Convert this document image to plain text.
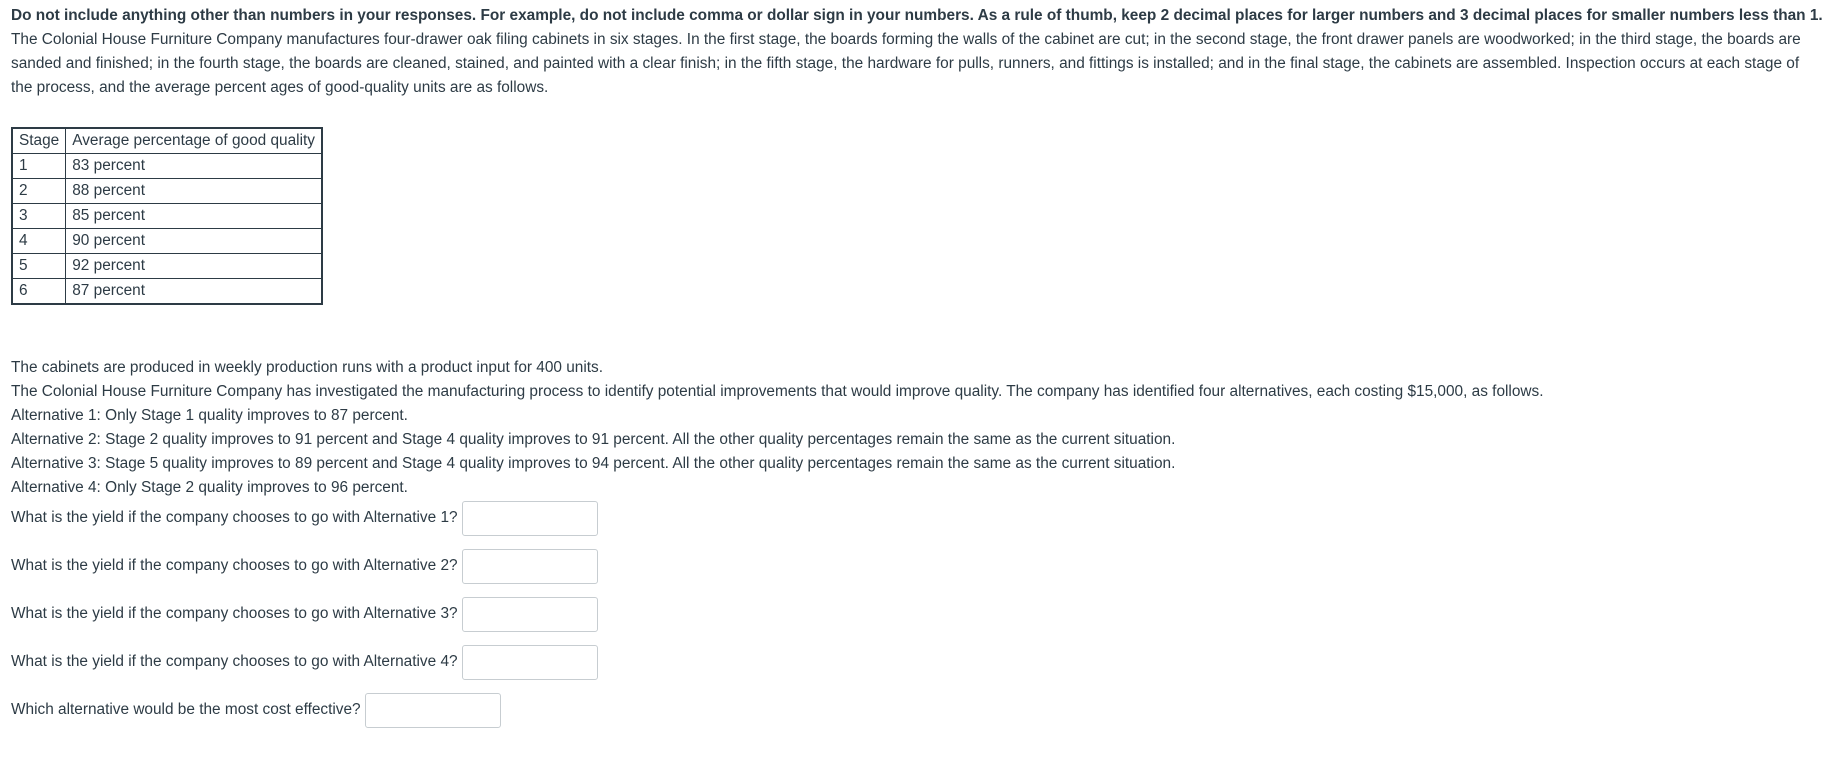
Do not include anything other than numbers in your responses. For example, do not include comma or dollar sign in your numbers. As a rule of thumb, keep 2 decimal places for larger numbers and 3 decimal places for smaller numbers less than 1.

The Colonial House Furniture Company manufactures four-drawer oak filing cabinets in six stages. In the first stage, the boards forming the walls of the cabinet are cut; in the second stage, the front drawer panels are woodworked; in the third stage, the boards are sanded and finished; in the fourth stage, the boards are cleaned, stained, and painted with a clear finish; in the fifth stage, the hardware for pulls, runners, and fittings is installed; and in the final stage, the cabinets are assembled. Inspection occurs at each stage of the process, and the average percent ages of good-quality units are as follows.

Stage	Average percentage of good quality
1	83 percent
2	88 percent
3	85 percent
4	90 percent
5	92 percent
6	87 percent

The cabinets are produced in weekly production runs with a product input for 400 units.

The Colonial House Furniture Company has investigated the manufacturing process to identify potential improvements that would improve quality. The company has identified four alternatives, each costing $15,000, as follows.

Alternative 1: Only Stage 1 quality improves to 87 percent.

Alternative 2: Stage 2 quality improves to 91 percent and Stage 4 quality improves to 91 percent. All the other quality percentages remain the same as the current situation.

Alternative 3: Stage 5 quality improves to 89 percent and Stage 4 quality improves to 94 percent. All the other quality percentages remain the same as the current situation.

Alternative 4: Only Stage 2 quality improves to 96 percent.

What is the yield if the company chooses to go with Alternative 1?
What is the yield if the company chooses to go with Alternative 2?
What is the yield if the company chooses to go with Alternative 3?
What is the yield if the company chooses to go with Alternative 4?
Which alternative would be the most cost effective?
